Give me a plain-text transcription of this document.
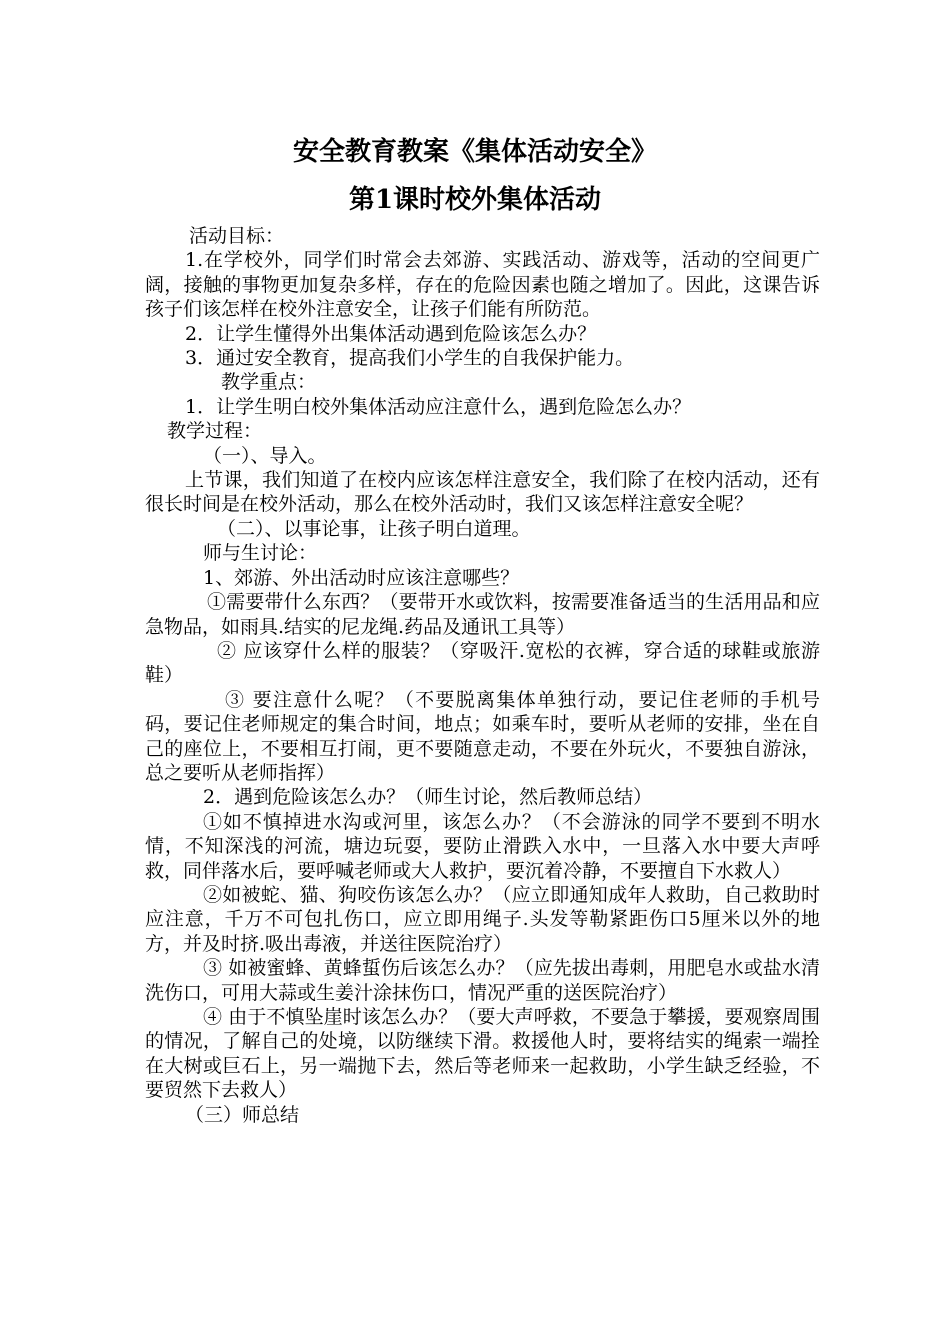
安全教育教案《集体活动安全》
第1课时校外集体活动

活动目标：

1.在学校外，同学们时常会去郊游、实践活动、游戏等，活动的空间更广阔，接触的事物更加复杂多样，存在的危险因素也随之增加了。因此，这课告诉孩子们该怎样在校外注意安全，让孩子们能有所防范。

2．让学生懂得外出集体活动遇到危险该怎么办？

3．通过安全教育，提高我们小学生的自我保护能力。

教学重点：

1．让学生明白校外集体活动应注意什么，遇到危险怎么办？

教学过程：

（一）、导入。

上节课，我们知道了在校内应该怎样注意安全，我们除了在校内活动，还有很长时间是在校外活动，那么在校外活动时，我们又该怎样注意安全呢？

（二）、以事论事，让孩子明白道理。

师与生讨论：

1、郊游、外出活动时应该注意哪些？

①需要带什么东西？（要带开水或饮料，按需要准备适当的生活用品和应急物品，如雨具.结实的尼龙绳.药品及通讯工具等）

② 应该穿什么样的服装？（穿吸汗.宽松的衣裤，穿合适的球鞋或旅游鞋）

③ 要注意什么呢？（不要脱离集体单独行动，要记住老师的手机号码，要记住老师规定的集合时间，地点；如乘车时，要听从老师的安排，坐在自己的座位上，不要相互打闹，更不要随意走动，不要在外玩火，不要独自游泳，总之要听从老师指挥）

2．遇到危险该怎么办？（师生讨论，然后教师总结）

①如不慎掉进水沟或河里，该怎么办？（不会游泳的同学不要到不明水情，不知深浅的河流，塘边玩耍，要防止滑跌入水中，一旦落入水中要大声呼救，同伴落水后，要呼喊老师或大人救护，要沉着冷静，不要擅自下水救人）

②如被蛇、猫、狗咬伤该怎么办？（应立即通知成年人救助，自己救助时应注意，千万不可包扎伤口，应立即用绳子.头发等勒紧距伤口5厘米以外的地方，并及时挤.吸出毒液，并送往医院治疗）

③ 如被蜜蜂、黄蜂蜇伤后该怎么办？（应先拔出毒刺，用肥皂水或盐水清洗伤口，可用大蒜或生姜汁涂抹伤口，情况严重的送医院治疗）

④ 由于不慎坠崖时该怎么办？（要大声呼救，不要急于攀援，要观察周围的情况，了解自己的处境，以防继续下滑。救援他人时，要将结实的绳索一端拴在大树或巨石上，另一端抛下去，然后等老师来一起救助，小学生缺乏经验，不要贸然下去救人）

（三）师总结
